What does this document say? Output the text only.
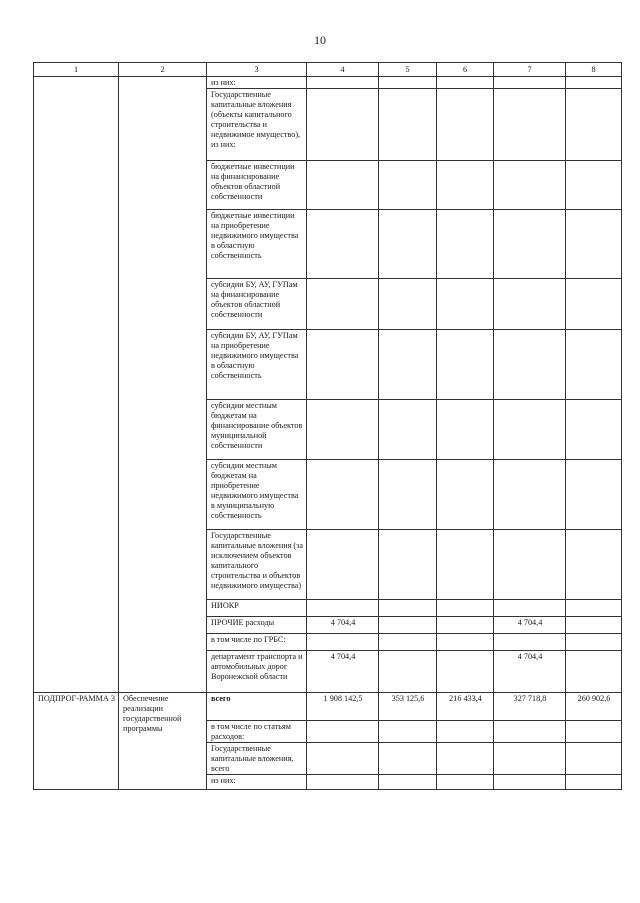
10
1	2	3	4	5	6	7	8
		из них:					
		Государственные капитальные вложения (объекты капитального строительства и недвижимое имущество), из них:					
		бюджетные инвестиции на финансирование объектов областной собственности					
		бюджетные инвестиции на приобретение недвижимого имущества в областную собственность					
		субсидии БУ, АУ, ГУПам на финансирование объектов областной собственности					
		субсидии БУ, АУ, ГУПам на приобретение недвижимого имущества в областную собственность					
		субсидии местным бюджетам на финансирование объектов муниципальной собственности					
		субсидии местным бюджетам на приобретение недвижимого имущества в муниципальную собственность					
		Государственные капитальные вложения (за исключением объектов капитального строительства и объектов недвижимого имущества)					
		НИОКР					
		ПРОЧИЕ расходы	4 704,4			4 704,4	
		в том числе по ГРБС:					
		департамент транспорта и автомобильных дорог Воронежской области	4 704,4			4 704,4	
ПОДПРОГ-РАММА 3	Обеспечение реализации государственной программы	всего	1 908 142,5	353 125,6	216 433,4	327 718,8	260 902,6
		в том числе по статьям расходов:					
		Государственные капитальные вложения, всего					
		из них:					
